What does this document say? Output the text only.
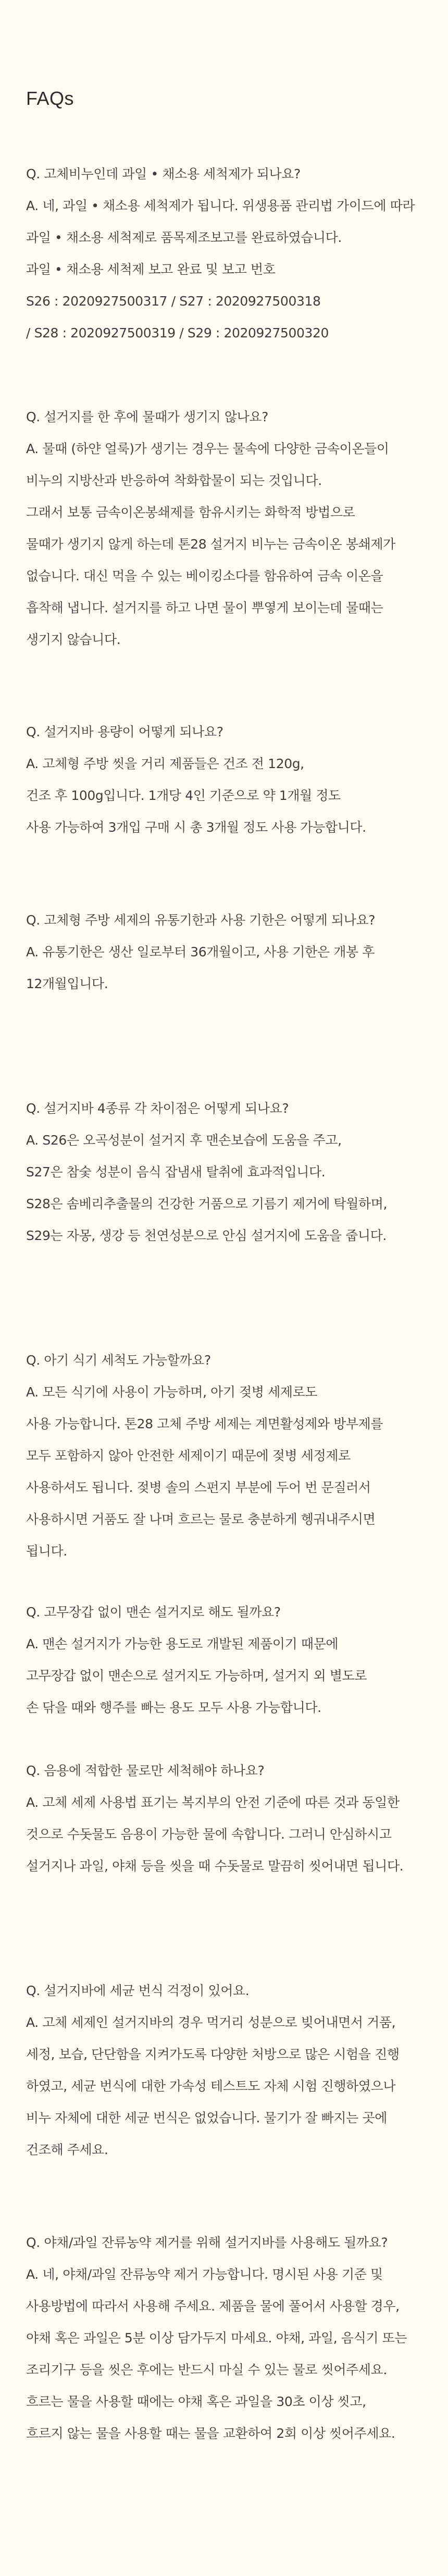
FAQs
Q. 고체비누인데 과일 • 채소용 세척제가 되나요?
A. 네, 과일 • 채소용 세척제가 됩니다. 위생용품 관리법 가이드에 따라
과일 • 채소용 세척제로 품목제조보고를 완료하였습니다.
과일 • 채소용 세척제 보고 완료 및 보고 번호
S26 : 2020927500317 / S27 : 2020927500318
/ S28 : 2020927500319 / S29 : 2020927500320
Q. 설거지를 한 후에 물때가 생기지 않나요?
A. 물때 (하얀 얼룩)가 생기는 경우는 물속에 다양한 금속이온들이
비누의 지방산과 반응하여 착화합물이 되는 것입니다.
그래서 보통 금속이온봉쇄제를 함유시키는 화학적 방법으로
물때가 생기지 않게 하는데 톤28 설거지 비누는 금속이온 봉쇄제가
없습니다. 대신 먹을 수 있는 베이킹소다를 함유하여 금속 이온을
흡착해 냅니다. 설거지를 하고 나면 물이 뿌옇게 보이는데 물때는
생기지 않습니다.
Q. 설거지바 용량이 어떻게 되나요?
A. 고체형 주방 씻을 거리 제품들은 건조 전 120g,
건조 후 100g입니다. 1개당 4인 기준으로 약 1개월 정도
사용 가능하여 3개입 구매 시 총 3개월 정도 사용 가능합니다.
Q. 고체형 주방 세제의 유통기한과 사용 기한은 어떻게 되나요?
A. 유통기한은 생산 일로부터 36개월이고, 사용 기한은 개봉 후
12개월입니다.
Q. 설거지바 4종류 각 차이점은 어떻게 되나요?
A. S26은 오곡성분이 설거지 후 맨손보습에 도움을 주고,
S27은 참숯 성분이 음식 잡냄새 탈취에 효과적입니다.
S28은 솜베리추출물의 건강한 거품으로 기름기 제거에 탁월하며,
S29는 자몽, 생강 등 천연성분으로 안심 설거지에 도움을 줍니다.
Q. 아기 식기 세척도 가능할까요?
A. 모든 식기에 사용이 가능하며, 아기 젖병 세제로도
사용 가능합니다. 톤28 고체 주방 세제는 계면활성제와 방부제를
모두 포함하지 않아 안전한 세제이기 때문에 젖병 세정제로
사용하셔도 됩니다. 젖병 솔의 스펀지 부분에 두어 번 문질러서
사용하시면 거품도 잘 나며 흐르는 물로 충분하게 헹궈내주시면
됩니다.
Q. 고무장갑 없이 맨손 설거지로 해도 될까요?
A. 맨손 설거지가 가능한 용도로 개발된 제품이기 때문에
고무장갑 없이 맨손으로 설거지도 가능하며, 설거지 외 별도로
손 닦을 때와 행주를 빠는 용도 모두 사용 가능합니다.
Q. 음용에 적합한 물로만 세척해야 하나요?
A. 고체 세제 사용법 표기는 복지부의 안전 기준에 따른 것과 동일한
것으로 수돗물도 음용이 가능한 물에 속합니다. 그러니 안심하시고
설거지나 과일, 야채 등을 씻을 때 수돗물로 말끔히 씻어내면 됩니다.
Q. 설거지바에 세균 번식 걱정이 있어요.
A. 고체 세제인 설거지바의 경우 먹거리 성분으로 빚어내면서 거품,
세정, 보습, 단단함을 지켜가도록 다양한 처방으로 많은 시험을 진행
하였고, 세균 번식에 대한 가속성 테스트도 자체 시험 진행하였으나
비누 자체에 대한 세균 번식은 없었습니다. 물기가 잘 빠지는 곳에
건조해 주세요.
Q. 야채/과일 잔류농약 제거를 위해 설거지바를 사용해도 될까요?
A. 네, 야채/과일 잔류농약 제거 가능합니다. 명시된 사용 기준 및
사용방법에 따라서 사용해 주세요. 제품을 물에 풀어서 사용할 경우,
야채 혹은 과일은 5분 이상 담가두지 마세요. 야채, 과일, 음식기 또는
조리기구 등을 씻은 후에는 반드시 마실 수 있는 물로 씻어주세요.
흐르는 물을 사용할 때에는 야채 혹은 과일을 30초 이상 씻고,
흐르지 않는 물을 사용할 때는 물을 교환하여 2회 이상 씻어주세요.
